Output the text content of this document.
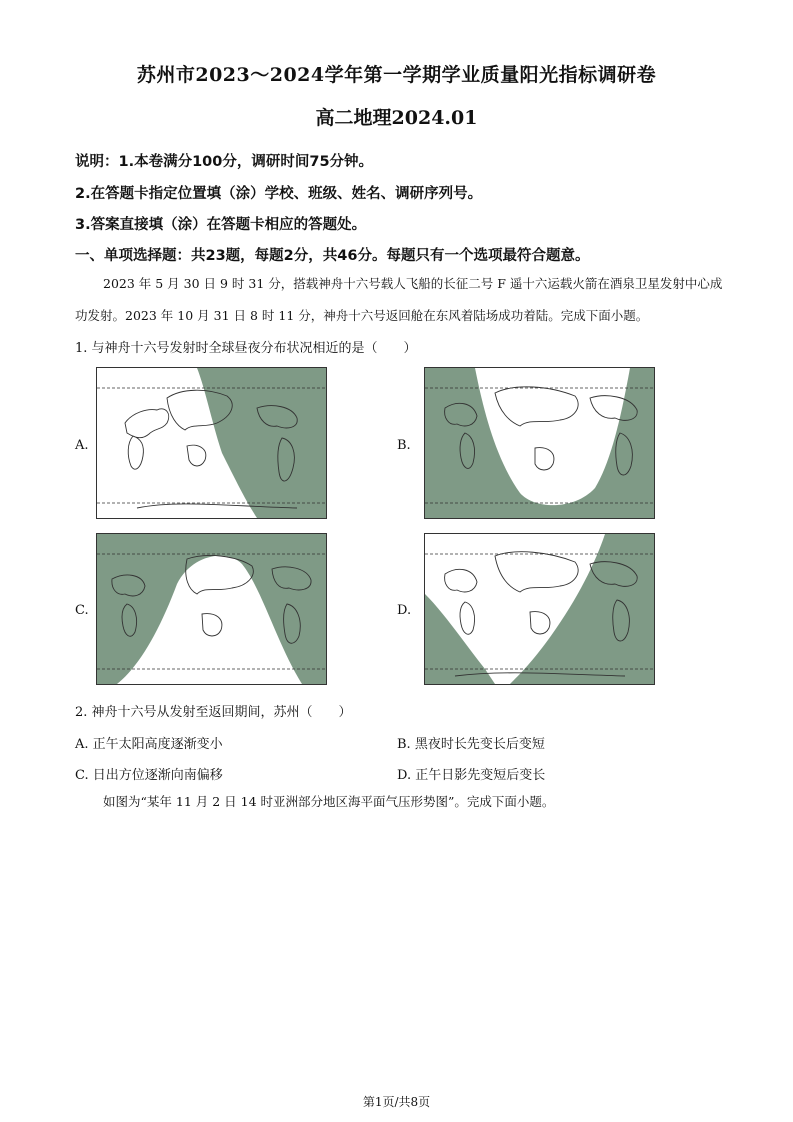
苏州市2023～2024学年第一学期学业质量阳光指标调研卷
高二地理2024.01
说明：1.本卷满分100分，调研时间75分钟。
2.在答题卡指定位置填（涂）学校、班级、姓名、调研序列号。
3.答案直接填（涂）在答题卡相应的答题处。
一、单项选择题：共23题，每题2分，共46分。每题只有一个选项最符合题意。
2023 年 5 月 30 日 9 时 31 分，搭载神舟十六号载人飞船的长征二号 F 遥十六运载火箭在酒泉卫星发射中心成功发射。2023 年 10 月 31 日 8 时 11 分，神舟十六号返回舱在东风着陆场成功着陆。完成下面小题。
1. 与神舟十六号发射时全球昼夜分布状况相近的是（　　）
A.	B.
C.	D.
2. 神舟十六号从发射至返回期间，苏州（　　）
A. 正午太阳高度逐渐变小	B. 黑夜时长先变长后变短
C. 日出方位逐渐向南偏移	D. 正午日影先变短后变长
如图为“某年 11 月 2 日 14 时亚洲部分地区海平面气压形势图”。完成下面小题。
第1页/共8页
